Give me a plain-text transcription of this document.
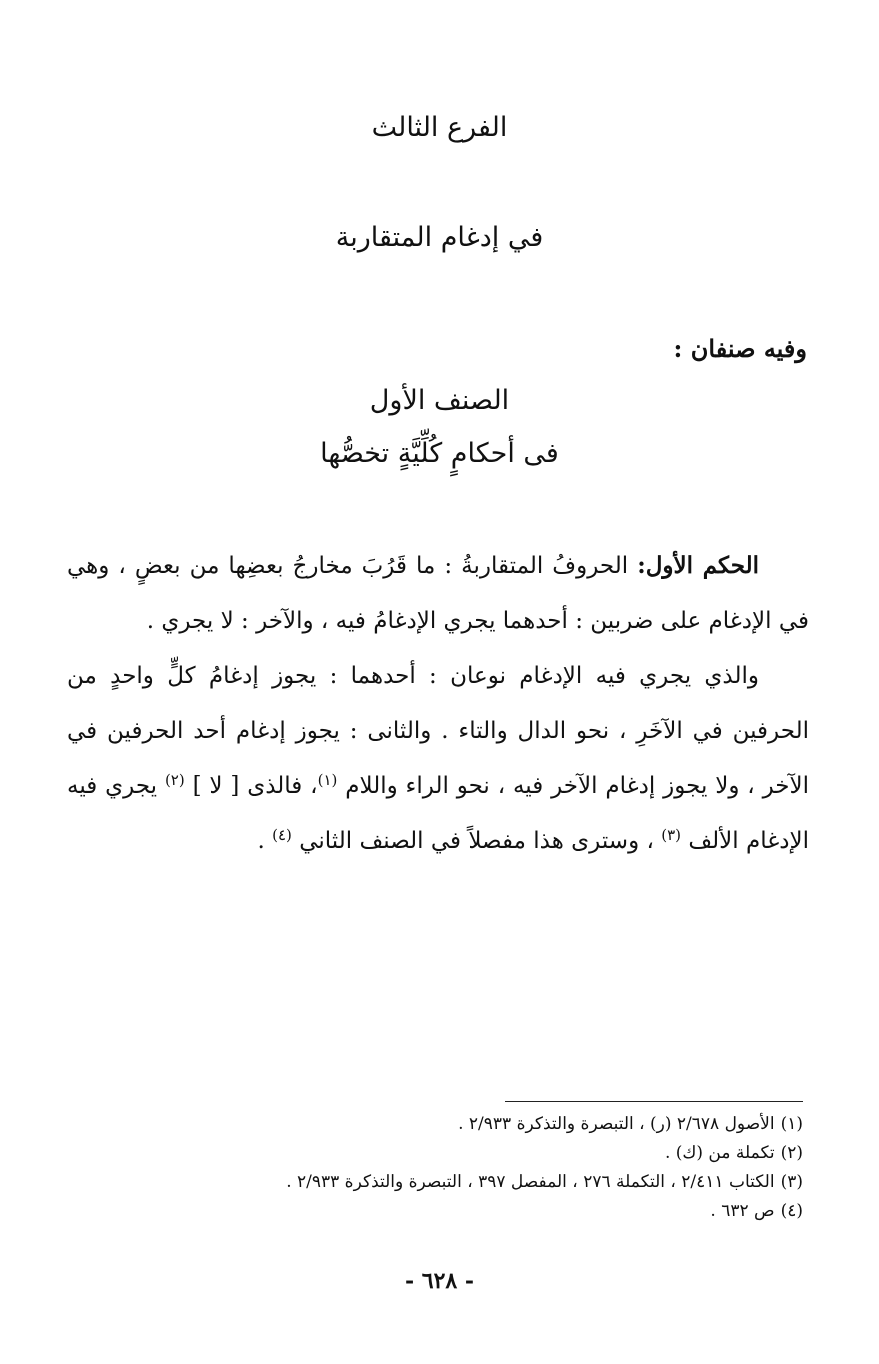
الفرع الثالث
في إدغام المتقاربة
وفيه صنفان :
الصنف الأول
فى أحكامٍ كُلِّيَّةٍ تخصُّها

الحكم الأول: الحروفُ المتقاربةُ : ما قَرُبَ مخارجُ بعضِها من بعضٍ ، وهي في الإدغام على ضربين : أحدهما يجري الإدغامُ فيه ، والآخر : لا يجري .

والذي يجري فيه الإدغام نوعان : أحدهما : يجوز إدغامُ كلٍّ واحدٍ من الحرفين في الآخَرِ ، نحو الدال والتاء . والثانى : يجوز إدغام أحد الحرفين في الآخر ، ولا يجوز إدغام الآخر فيه ، نحو الراء واللام $^{(١)}$، فالذى [ لا ] $^{(٢)}$ يجري فيه الإدغام الألف $^{(٣)}$ ، وسترى هذا مفصلاً في الصنف الثاني $^{(٤)}$ .

(١)
الأصول ٢/٦٧٨ (ر) ، التبصرة والتذكرة ٢/٩٣٣ .
(٢)
تكملة من (ك) .
(٣)
الكتاب ٢/٤١١ ، التكملة ٢٧٦ ، المفصل ٣٩٧ ، التبصرة والتذكرة ٢/٩٣٣ .
(٤)
ص ٦٣٢ .
- ٦٢٨ -
